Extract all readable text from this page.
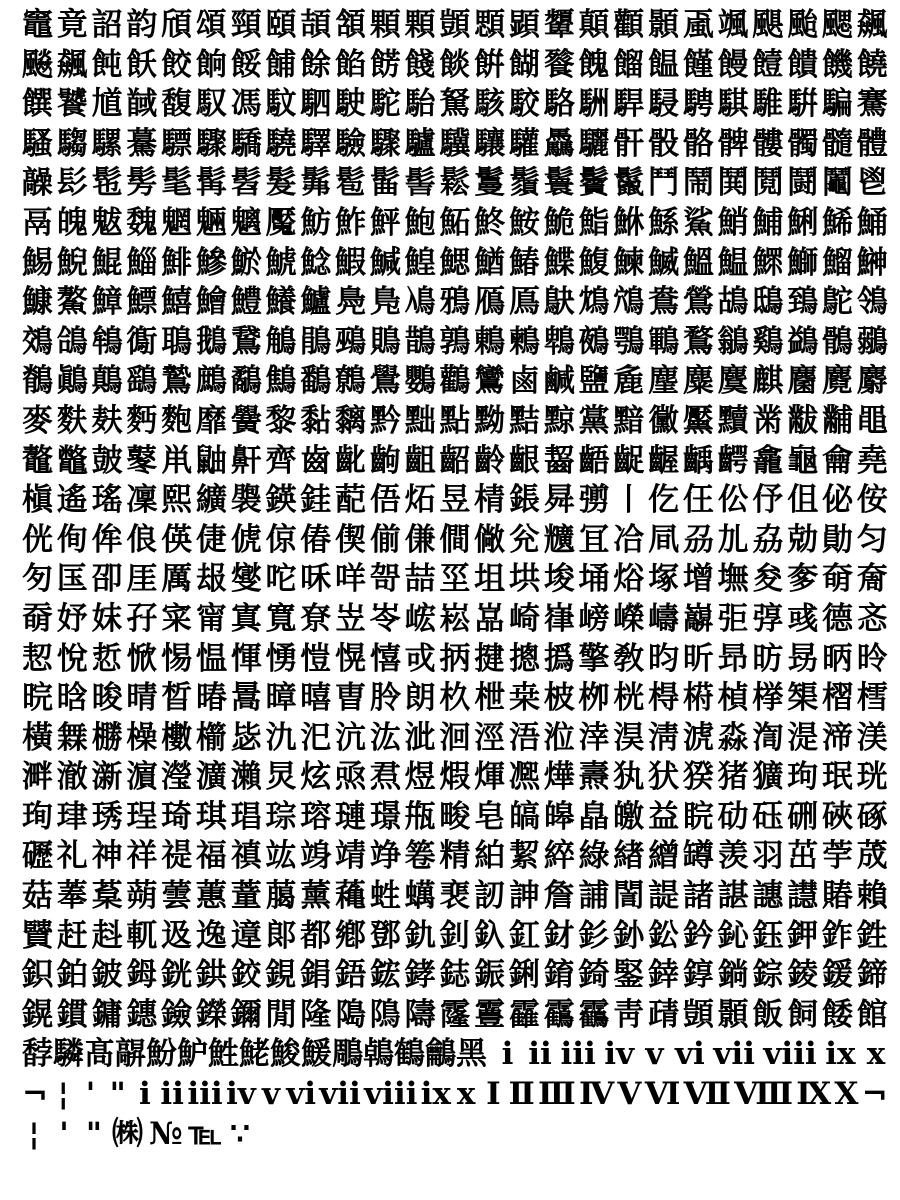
竈 竟 詔 韵 頎 頌 頸 頤 頡 頷 顆 顆 顗 顋 顕 顰 顛 顴 顥 颪 颯 颶 颱 颸 飆
飈 飆 飩 飫 餃 餉 餒 餔 餘 餡 餝 餞 餤 餠 餬 餮 餽 餾 饂 饉 饅 饐 饋 饑 饒
饌 饕 馗 馘 馥 馭 馮 馼 駟 駛 駝 駘 駑 駭 駮 駱 駲 駻 駸 騁 騏 騅 騈 騙 騫
騷 騶 騾 驀 驃 驟 驕 驍 驛 驗 驟 驢 驥 驤 驩 驫 驪 骭 骰 骼 髀 髏 髑 髓 體
髞 髟 髢 髣 髦 髯 髫 髮 髴 髱 髷 髻 鬆 鬘 鬚 鬟 鬢 鬣 鬥 鬧 鬨 鬩 鬪 鬮 鬯
鬲 魄 魃 魏 魍 魎 魑 魘 魴 鮓 鮃 鮑 鮖 鮗 鮟 鮠 鮨 鮴 鯀 鯊 鮹 鯆 鯏 鯑 鯒
鯣 鯢 鯤 鯔 鯡 鰺 鯲 鯱 鯰 鰕 鰔 鰉 鰓 鰌 鰆 鰈 鰒 鰊 鰄 鰮 鰛 鰥 鰤 鰡 鰰
鱇 鰲 鱆 鰾 鱚 鱠 鱧 鱶 鱸 鳧 鳬 鳰 鴉 鴈 鳫 鴃 鴆 鴪 鴦 鶯 鴣 鴟 鵄 鴕 鴒
鵁 鴿 鴾 鵆 鵈 鵝 鵞 鵤 鵑 鵐 鵙 鵲 鶉 鶇 鶫 鵯 鵺 鶚 鶤 鶩 鶲 鷄 鷁 鶻 鶸
鶺 鷆 鷏 鷂 鷙 鷓 鷸 鷦 鷭 鷯 鷽 鸚 鸛 鸞 鹵 鹹 鹽 麁 麈 麋 麌 麒 麕 麑 麝
麥 麩 麸 麪 麭 靡 黌 黎 黏 黐 黔 黜 點 黝 黠 黥 黨 黯 黴 黶 黷 黹 黻 黼 黽
鼇 鼈 皷 鼕 鼡 鼬 鼾 齊 齒 齔 齣 齟 齠 齡 齦 齧 齬 齪 齷 齲 齶 龕 龜 龠 堯
槇 遙 瑤 凜 熙 纊 褜 鍈 銈 蓜 俉 炻 昱 棈 鋹 曻 彅 丨 仡 仼 伀 伃 伹 佖 侒
侊 侚 侔 俍 偀 倢 俿 倞 偆 偰 偂 傔 僴 僘 兊 兤 冝 冾 凬 刕 劜 劦 勀 勛 匀
匇 匤 卲 厓 厲 叝 燮 咜 咊 咩 哿 喆 坙 坥 垬 埈 埇 焀 塚 增 墲 夋 奓 奛 奝
奣 妤 妺 孖 寀 甯 寘 寬 尞 岦 岺 峵 崧 嵓 崎 嵂 嵭 嶸 嶹 巐 弡 弴 彧 德 忞
恝 悅 悊 惞 惕 愠 惲 愑 愷 愰 憘 戓 抦 揵 摠 撝 擎 敎 昀 昕 昻 昉 昮 昞 昤
晥 晗 晙 晴 晳 暙 暠 暲 暿 曺 朎 朗 杦 枻 桒 柀 栁 桄 棏 﨓 楨 﨔 榘 槢 樰
橫 橆 橳 橾 櫢 櫤 毖 氿 汜 沆 汯 泚 洄 涇 浯 涖 涬 淏 淸 淲 淼 渹 湜 渧 渼
溿 澈 澵 濵 瀅 瀇 瀨 炅 炫 焏 焄 煜 煆 煇 凞 燁 燾 犱 犾 猤 猪 獷 玽 珉 珖
珣 珒 琇 珵 琦 琪 琩 琮 瑢 璉 璟 甁 畯 皂 皜 皞 皛 皦 益 睆 劯 砡 硎 硤 硺
礰 礼 神 祥 禔 福 禛 竑 竧 靖 竫 箞 精 絈 絜 綷 綠 緖 繒 罇 羡 羽 茁 荢 荿
菇 菶 葈 蒴 蕓 蕙 蕫 﨟 薰 蘒 﨡 蠇 裵 訒 訷 詹 誧 誾 諟 諸 諶 譓 譿 賰 賴
贒 赶 﨣 軏 﨤 逸 遧 郞 都 鄕 鄧 釚 釗 釞 釭 釮 釤 釥 鈆 鈐 鈊 鈺 鉀 鈼 鉎
鉙 鉑 鈹 鉧 銧 鉷 鉸 鋧 鋗 鋙 鋐 﨧 鋕 鋠 鋓 錥 錡 鋻 﨨 錞 鋿 錝 錂 鍰 鍗
鎤 鏆 鏞 鏸 鐱 鑅 鑈 閒 隆 﨩 隝 隯 霳 霻 靃 靍 靏 靑 靕 顗 顥 飯 飼 餧 館
馞驎髙髜魵魲鮏鮱鮻鰀鵰鵫鶴鸙黑 ⅰ ⅱ ⅲ ⅳ ⅴ ⅵ ⅶ ⅷ ⅸ ⅹ
¬ ¦ ' " ⅰ ⅱ ⅲ ⅳ ⅴ ⅵ ⅶ ⅷ ⅸ ⅹ Ⅰ Ⅱ Ⅲ Ⅳ Ⅴ Ⅵ Ⅶ Ⅷ Ⅸ Ⅹ ¬
¦ ' " ㈱ № ℡ ∵
